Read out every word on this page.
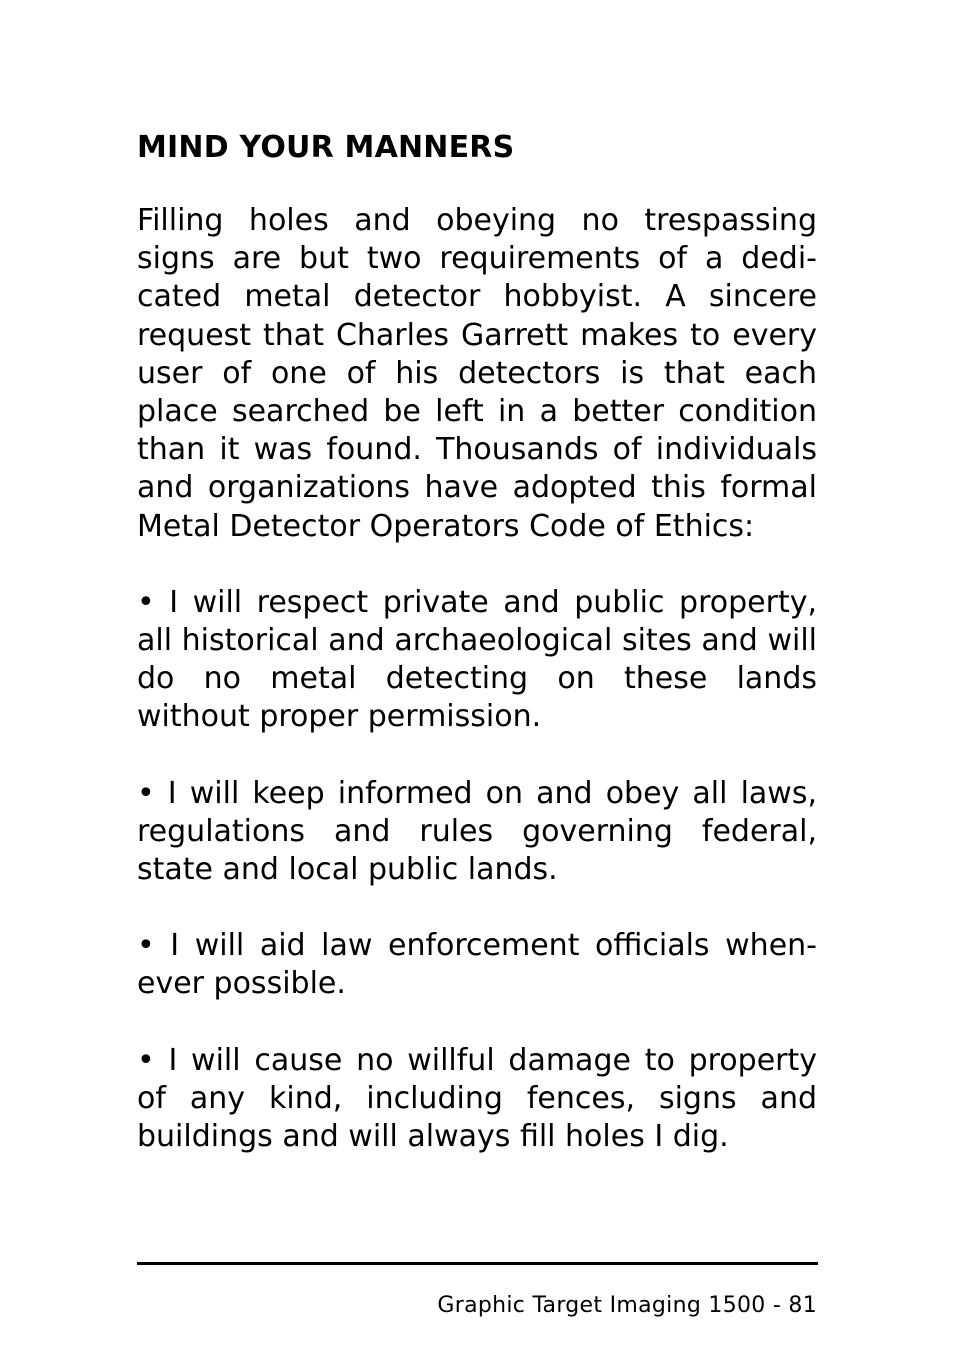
MIND YOUR MANNERS

Filling holes and obeying no trespassing signs are but two requirements of a dedicated metal detector hobbyist. A sincere request that Charles Garrett makes to every user of one of his detectors is that each place searched be left in a better condition than it was found. Thousands of individuals and organizations have adopted this formal Metal Detector Operators Code of Ethics:

• I will respect private and public property, all historical and archaeological sites and will do no metal detecting on these lands without proper permission.

• I will keep informed on and obey all laws, regulations and rules governing federal, state and local public lands.

• I will aid law enforcement officials whenever possible.

• I will cause no willful damage to property of any kind, including fences, signs and buildings and will always fill holes I dig.

Graphic Target Imaging 1500 - 81
